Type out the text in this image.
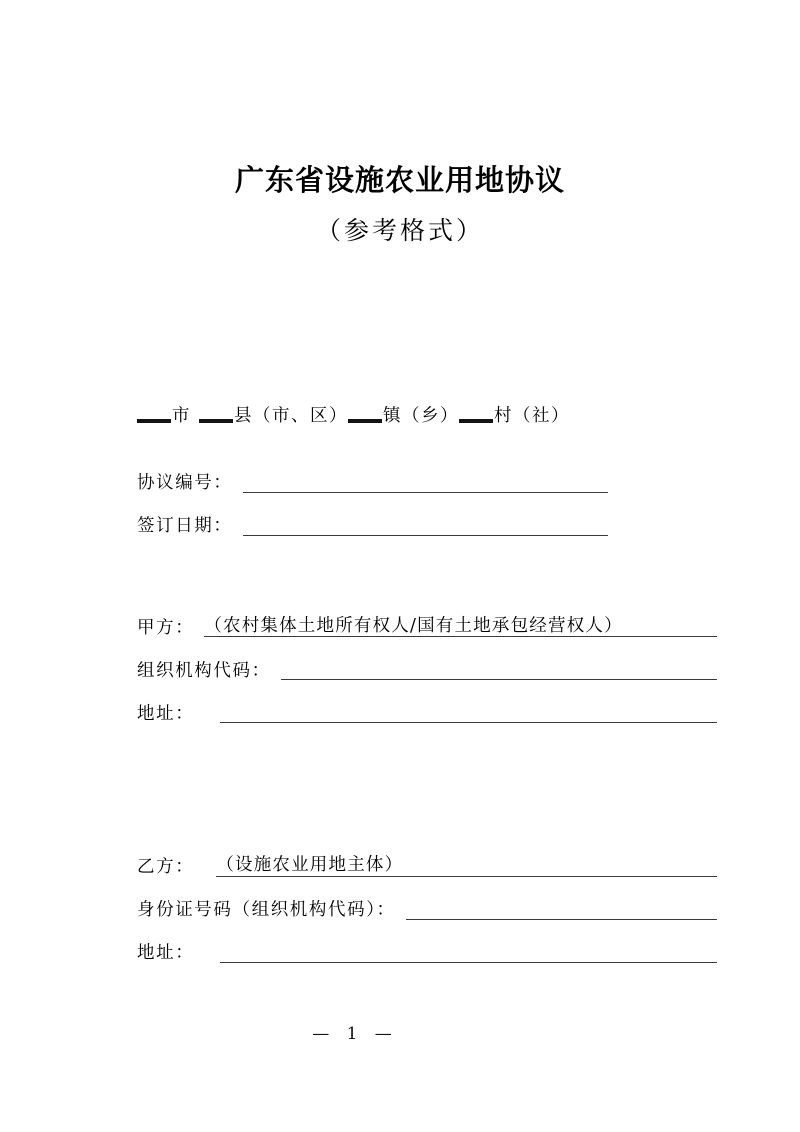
广东省设施农业用地协议
（参考格式）
市 县（市、区） 镇（乡） 村（社）
协议编号：
签订日期：
甲方： （农村集体土地所有权人/国有土地承包经营权人）
组织机构代码：
地址：
乙方： （设施农业用地主体）
身份证号码（组织机构代码）：
地址：
— 1 —
